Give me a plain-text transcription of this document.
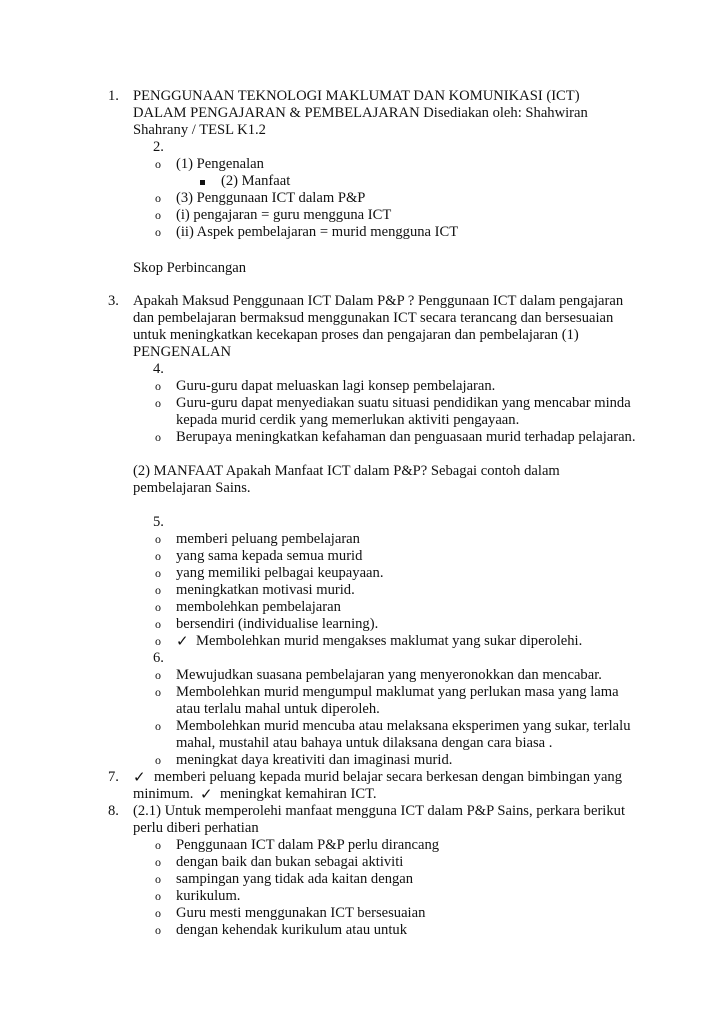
1. PENGGUNAAN TEKNOLOGI MAKLUMAT DAN KOMUNIKASI (ICT)
DALAM PENGAJARAN & PEMBELAJARAN Disediakan oleh: Shahwiran
Shahrany / TESL K1.2
2.
o (1) Pengenalan
(2) Manfaat
o (3) Penggunaan ICT dalam P&P
o (i) pengajaran = guru mengguna ICT
o (ii) Aspek pembelajaran = murid mengguna ICT
Skop Perbincangan
3. Apakah Maksud Penggunaan ICT Dalam P&P ? Penggunaan ICT dalam pengajaran
dan pembelajaran bermaksud menggunakan ICT secara terancang dan bersesuaian
untuk meningkatkan kecekapan proses dan pengajaran dan pembelajaran (1)
PENGENALAN
4.
o Guru-guru dapat meluaskan lagi konsep pembelajaran.
o Guru-guru dapat menyediakan suatu situasi pendidikan yang mencabar minda
kepada murid cerdik yang memerlukan aktiviti pengayaan.
o Berupaya meningkatkan kefahaman dan penguasaan murid terhadap pelajaran.
(2) MANFAAT Apakah Manfaat ICT dalam P&P? Sebagai contoh dalam
pembelajaran Sains.
5.
o memberi peluang pembelajaran
o yang sama kepada semua murid
o yang memiliki pelbagai keupayaan.
o meningkatkan motivasi murid.
o membolehkan pembelajaran
o bersendiri (individualise learning).
o ✓ Membolehkan murid mengakses maklumat yang sukar diperolehi.
6.
o Mewujudkan suasana pembelajaran yang menyeronokkan dan mencabar.
o Membolehkan murid mengumpul maklumat yang perlukan masa yang lama
atau terlalu mahal untuk diperoleh.
o Membolehkan murid mencuba atau melaksana eksperimen yang sukar, terlalu
mahal, mustahil atau bahaya untuk dilaksana dengan cara biasa .
o meningkat daya kreativiti dan imaginasi murid.
7. ✓ memberi peluang kepada murid belajar secara berkesan dengan bimbingan yang
minimum. ✓ meningkat kemahiran ICT.
8. (2.1) Untuk memperolehi manfaat mengguna ICT dalam P&P Sains, perkara berikut
perlu diberi perhatian
o Penggunaan ICT dalam P&P perlu dirancang
o dengan baik dan bukan sebagai aktiviti
o sampingan yang tidak ada kaitan dengan
o kurikulum.
o Guru mesti menggunakan ICT bersesuaian
o dengan kehendak kurikulum atau untuk
